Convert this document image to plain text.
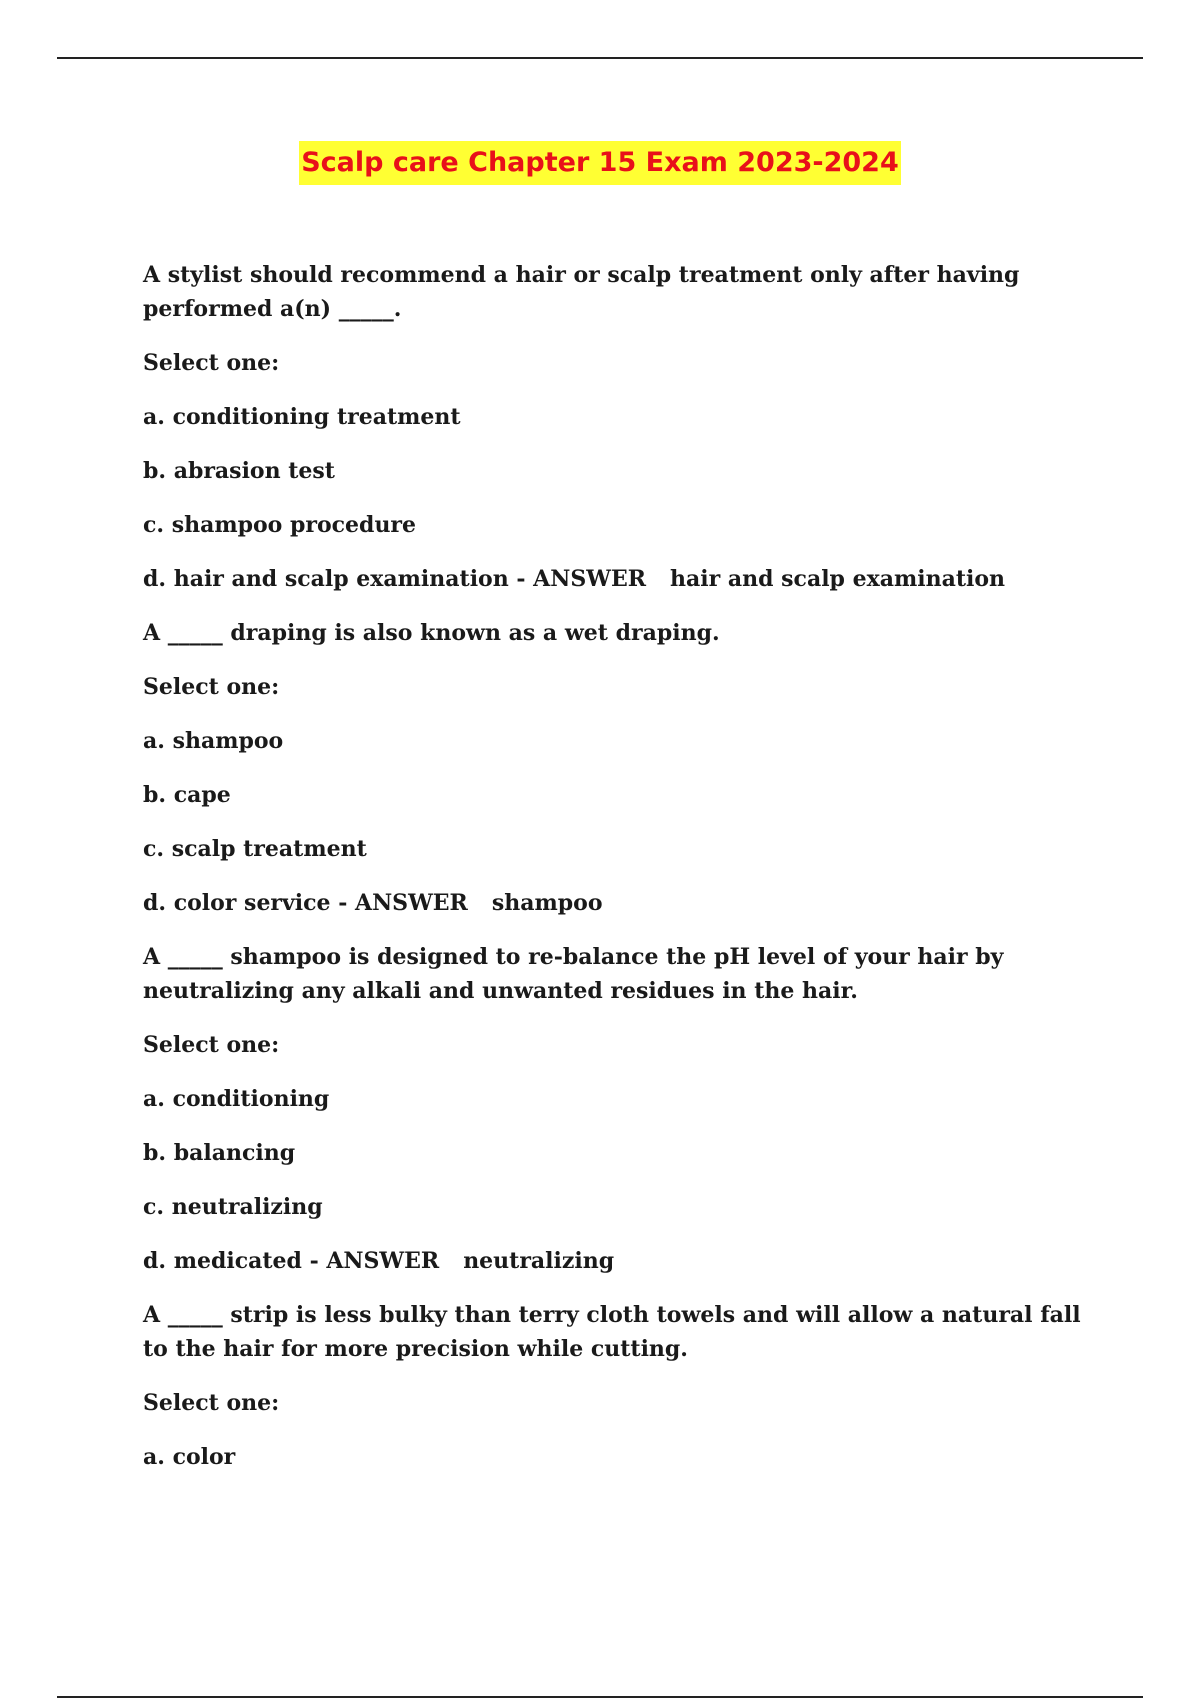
Scalp care Chapter 15 Exam 2023-2024

A stylist should recommend a hair or scalp treatment only after having performed a(n) _____.

Select one:

a. conditioning treatment

b. abrasion test

c. shampoo procedure

d. hair and scalp examination - ANSWER hair and scalp examination

A _____ draping is also known as a wet draping.

Select one:

a. shampoo

b. cape

c. scalp treatment

d. color service - ANSWER shampoo

A _____ shampoo is designed to re-balance the pH level of your hair by neutralizing any alkali and unwanted residues in the hair.

Select one:

a. conditioning

b. balancing

c. neutralizing

d. medicated - ANSWER neutralizing

A _____ strip is less bulky than terry cloth towels and will allow a natural fall to the hair for more precision while cutting.

Select one:

a. color
